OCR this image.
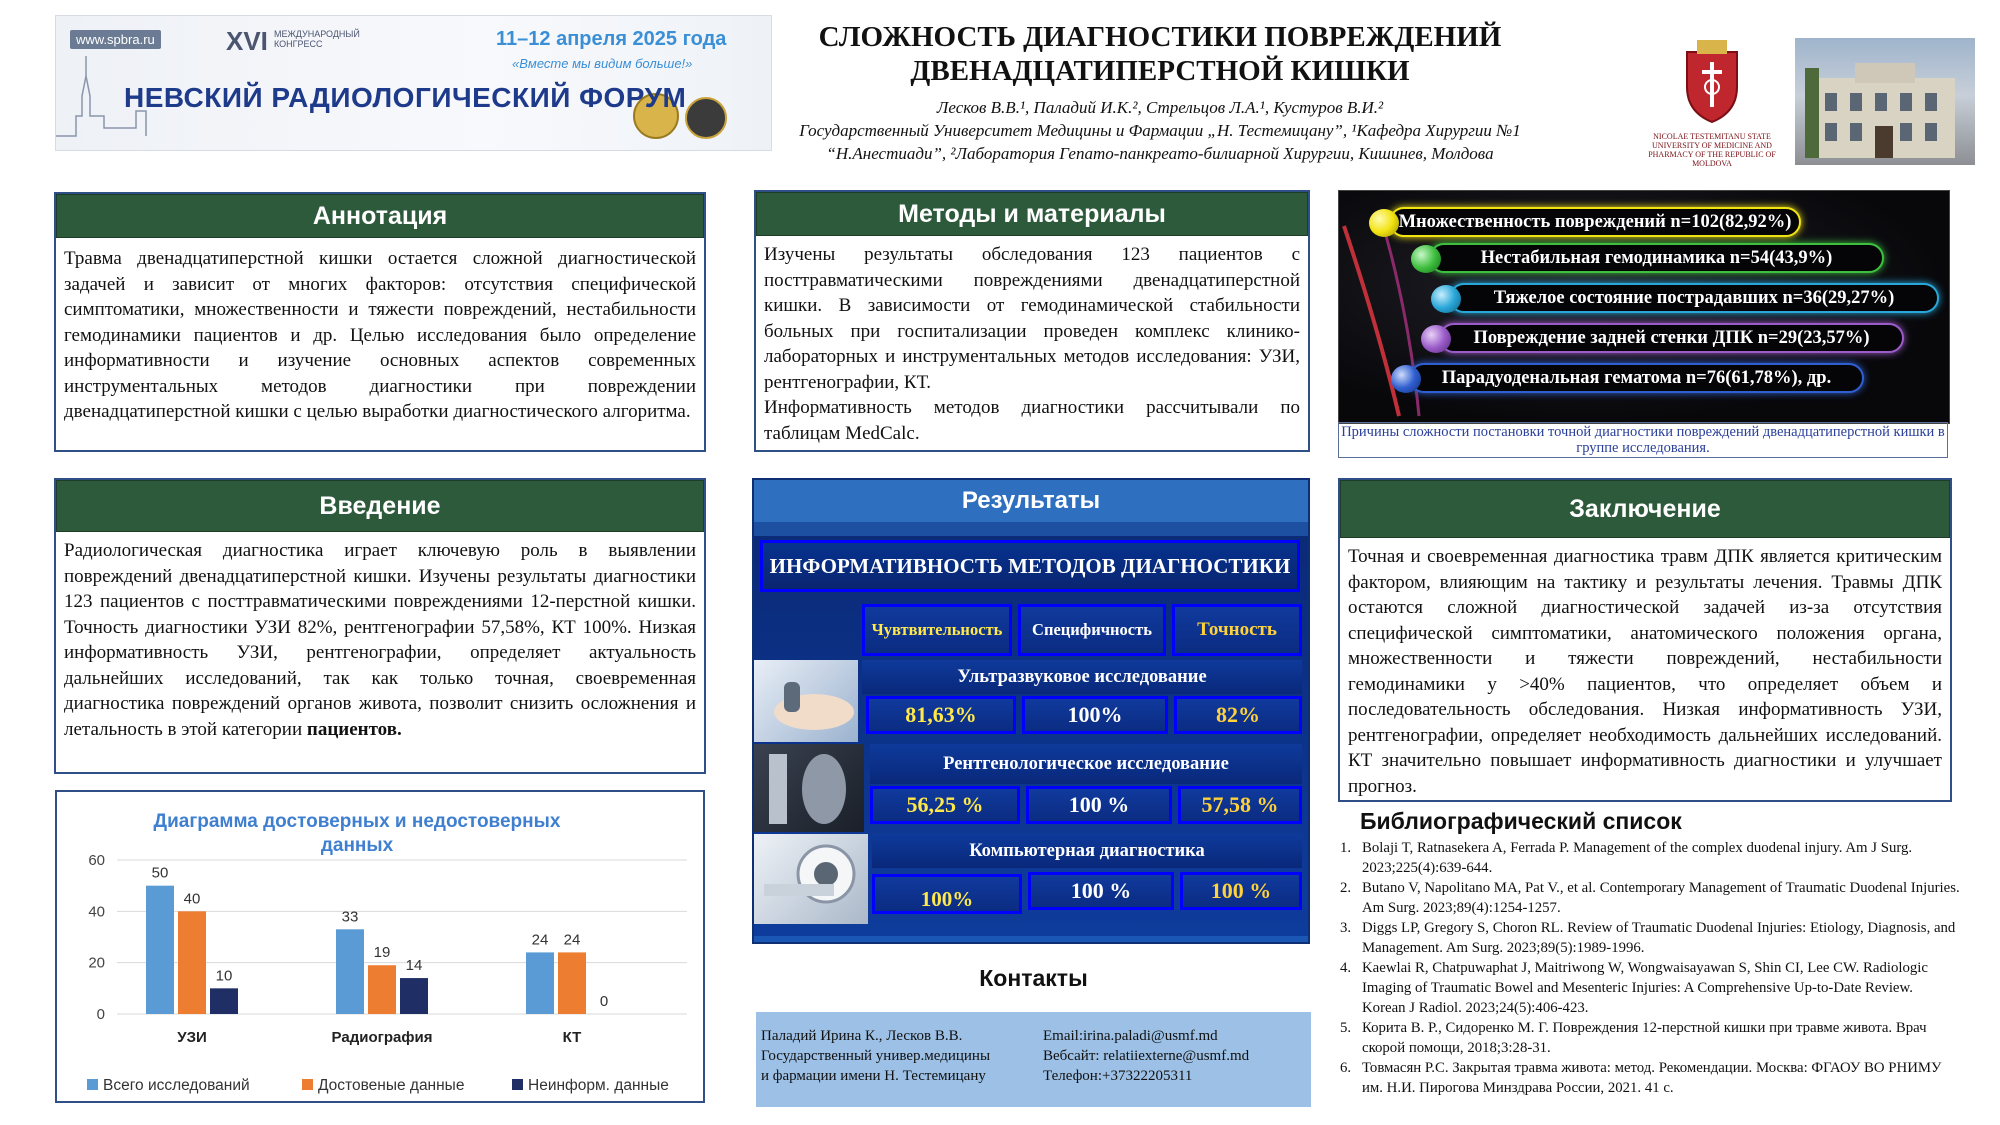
www.spbra.ru	XVI МЕЖДУНАРОДНЫЙ КОНГРЕСС	11–12 апреля 2025 года
«Вместе мы видим больше!»
НЕВСКИЙ РАДИОЛОГИЧЕСКИЙ ФОРУМ
СЛОЖНОСТЬ ДИАГНОСТИКИ ПОВРЕЖДЕНИЙ
ДВЕНАДЦАТИПЕРСТНОЙ КИШКИ
Лесков В.В.¹, Паладий И.К.², Стрельцов Л.А.¹, Кустуров В.И.²
Государственный Университет Медицины и Фармации „Н. Тестемицану”, ¹Кафедра Хирургии №1
“Н.Анестиади”, ²Лаборатория Гепато-панкреато-билиарной Хирургии, Кишинев, Молдова
NICOLAE TESTEMITANU STATE UNIVERSITY OF MEDICINE AND PHARMACY OF THE REPUBLIC OF MOLDOVA
Аннотация
Травма двенадцатиперстной кишки остается сложной диагностической задачей и зависит от многих факторов: отсутствия специфической симптоматики, множественности и тяжести повреждений, нестабильности гемодинамики пациентов и др. Целью исследования было определение информативности и изучение основных аспектов современных инструментальных методов диагностики при повреждении двенадцатиперстной кишки с целью выработки диагностического алгоритма.
Методы и материалы
Изучены результаты обследования 123 пациентов с посттравматическими повреждениями двенадцатиперстной кишки. В зависимости от гемодинамической стабильности больных при госпитализации проведен комплекс клинико-лабораторных и инструментальных методов исследования: УЗИ, рентгенографии, КТ.
Информативность методов диагностики рассчитывали по таблицам MedCalc.
Множественность повреждений n=102(82,92%)
Нестабильная гемодинамика n=54(43,9%)
Тяжелое состояние пострадавших n=36(29,27%)
Повреждение задней стенки ДПК n=29(23,57%)
Парадуоденальная гематома n=76(61,78%), др.
Причины сложности постановки точной диагностики повреждений двенадцатиперстной кишки в группе исследования.
Введение
Радиологическая диагностика играет ключевую роль в выявлении повреждений двенадцатиперстной кишки. Изучены результаты диагностики 123 пациентов с посттравматическими повреждениями 12-перстной кишки. Точность диагностики УЗИ 82%, рентгенографии 57,58%, КТ 100%. Низкая информативность УЗИ, рентгенографии, определяет актуальность дальнейших исследований, так как только точная, своевременная диагностика повреждений органов живота, позволит снизить осложнения и летальность в этой категории пациентов.
Диаграмма достоверных и недостоверных данных
0
20
40
60
50
40
10
УЗИ
33
19
14
Радиография
24 24
0
КТ
Всего исследований	Достовеные данные	Неинформ. данные
Результаты
ИНФОРМАТИВНОСТЬ МЕТОДОВ ДИАГНОСТИКИ
Чувтвительность	Специфичность	Точность
Ультразвуковое исследование
81,63%	100%	82%
Рентгенологическое исследование
56,25 %	100 %	57,58 %
Компьютерная диагностика
100%	100 %	100 %
Заключение
Точная и своевременная диагностика травм ДПК является критическим фактором, влияющим на тактику и результаты лечения. Травмы ДПК остаются сложной диагностической задачей из-за отсутствия специфической симптоматики, анатомического положения органа, множественности и тяжести повреждений, нестабильности гемодинамики у >40% пациентов, что определяет объем и последовательность обследования. Низкая информативность УЗИ, рентгенографии, определяет необходимость дальнейших исследований. КТ значительно повышает информативность диагностики и улучшает прогноз.
Контакты
Паладий Ирина К., Лесков В.В.
Государственный универ.медицины
и фармации имени Н. Тестемицану
Email:irina.paladi@usmf.md
Вебсайт: relatiiexterne@usmf.md
Телефон:+37322205311
Библиографический список
1. Bolaji T, Ratnasekera A, Ferrada P. Management of the complex duodenal injury. Am J Surg. 2023;225(4):639-644.
2. Butano V, Napolitano MA, Pat V., et al. Contemporary Management of Traumatic Duodenal Injuries. Am Surg. 2023;89(4):1254-1257.
3. Diggs LP, Gregory S, Choron RL. Review of Traumatic Duodenal Injuries: Etiology, Diagnosis, and Management. Am Surg. 2023;89(5):1989-1996.
4. Kaewlai R, Chatpuwaphat J, Maitriwong W, Wongwaisayawan S, Shin CI, Lee CW. Radiologic Imaging of Traumatic Bowel and Mesenteric Injuries: A Comprehensive Up-to-Date Review. Korean J Radiol. 2023;24(5):406-423.
5. Корита В. Р., Сидоренко М. Г. Повреждения 12-перстной кишки при травме живота. Врач скорой помощи, 2018;3:28-31.
6. Товмасян Р.С. Закрытая травма живота: метод. Рекомендации. Москва: ФГАОУ ВО РНИМУ им. Н.И. Пирогова Минздрава России, 2021. 41 с.
